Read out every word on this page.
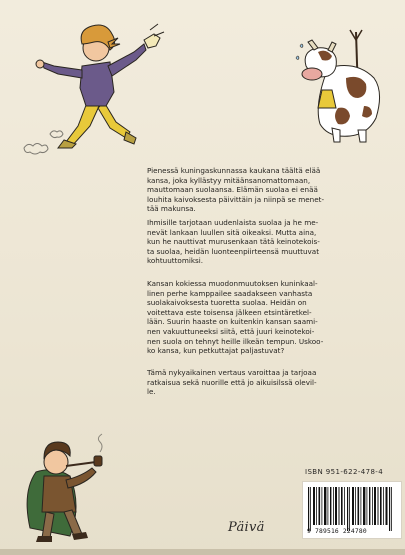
Pienessä kuningaskunnassa kaukana täältä elää
kansa, joka kyllästyy mitäänsanomattomaan,
mauttomaan suolaansa. Elämän suolaa ei enää
louhita kaivoksesta päivittäin ja niinpä se menet-
tää makunsa.

Ihmisille tarjotaan uudenlaista suolaa ja he me-
nevät lankaan luullen sitä oikeaksi. Mutta aina,
kun he nauttivat murusenkaan tätä keinotekois-
ta suolaa, heidän luonteenpiirteensä muuttuvat
kohtuuttomiksi.

Kansan kokiessa muodonmuutoksen kuninkaal-
linen perhe kamppailee saadakseen vanhasta
suolakaivoksesta tuoretta suolaa. Heidän on
voitettava este toisensa jälkeen etsintäretkel-
lään. Suurin haaste on kuitenkin kansan saami-
nen vakuuttuneeksi siitä, että juuri keinotekoi-
nen suola on tehnyt heille ilkeän tempun. Uskoo-
ko kansa, kun petkuttajat paljastuvat?

Tämä nykyaikainen vertaus varoittaa ja tarjoaa
ratkaisua sekä nuorille että jo aikuisilssä olevil-
le.

ISBN 951-622-478-4
9 789516 224780
Päivä
